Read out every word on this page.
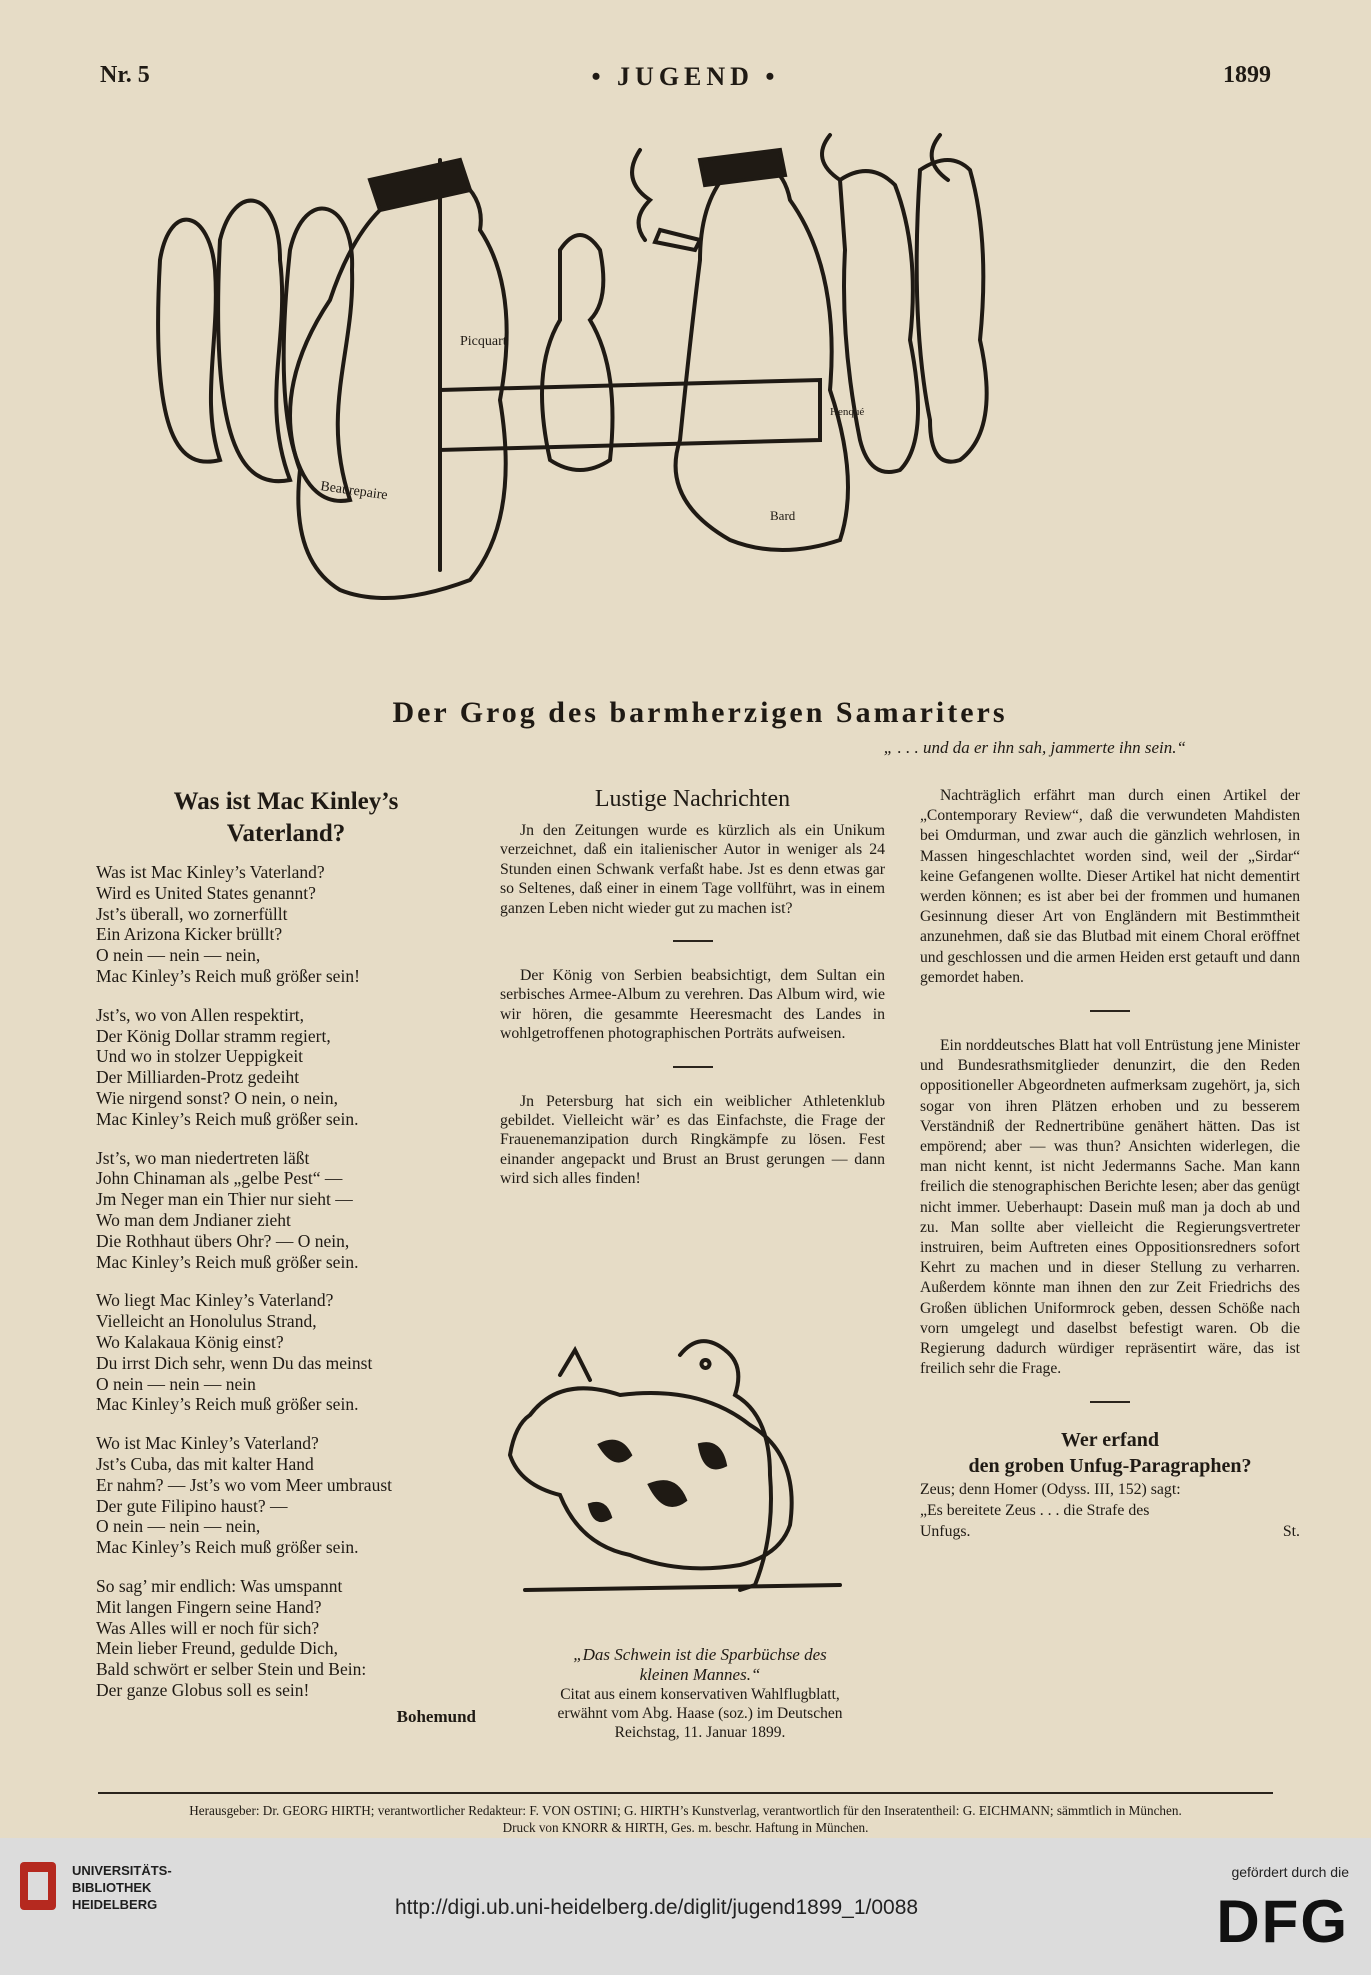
Nr. 5	• JUGEND •	1899
Beaurepaire
Picquart
Henqué
Bard
Der Grog des barmherzigen Samariters
„ . . . und da er ihn sah, jammerte ihn sein.“
Was ist Mac Kinley’s
Vaterland?
Was ist Mac Kinley’s Vaterland?
Wird es United States genannt?
Jst’s überall, wo zornerfüllt
Ein Arizona Kicker brüllt?
O nein — nein — nein,
Mac Kinley’s Reich muß größer sein!
Jst’s, wo von Allen respektirt,
Der König Dollar stramm regiert,
Und wo in stolzer Ueppigkeit
Der Milliarden-Protz gedeiht
Wie nirgend sonst? O nein, o nein,
Mac Kinley’s Reich muß größer sein.
Jst’s, wo man niedertreten läßt
John Chinaman als „gelbe Pest“ —
Jm Neger man ein Thier nur sieht —
Wo man dem Jndianer zieht
Die Rothhaut übers Ohr? — O nein,
Mac Kinley’s Reich muß größer sein.
Wo liegt Mac Kinley’s Vaterland?
Vielleicht an Honolulus Strand,
Wo Kalakaua König einst?
Du irrst Dich sehr, wenn Du das meinst
O nein — nein — nein
Mac Kinley’s Reich muß größer sein.
Wo ist Mac Kinley’s Vaterland?
Jst’s Cuba, das mit kalter Hand
Er nahm? — Jst’s wo vom Meer umbraust
Der gute Filipino haust? —
O nein — nein — nein,
Mac Kinley’s Reich muß größer sein.
So sag’ mir endlich: Was umspannt
Mit langen Fingern seine Hand?
Was Alles will er noch für sich?
Mein lieber Freund, gedulde Dich,
Bald schwört er selber Stein und Bein:
Der ganze Globus soll es sein!
Bohemund
Lustige Nachrichten

Jn den Zeitungen wurde es kürzlich als ein Unikum verzeichnet, daß ein italienischer Autor in weniger als 24 Stunden einen Schwank verfaßt habe. Jst es denn etwas gar so Seltenes, daß einer in einem Tage vollführt, was in einem ganzen Leben nicht wieder gut zu machen ist?

Der König von Serbien beabsichtigt, dem Sultan ein serbisches Armee-Album zu verehren. Das Album wird, wie wir hören, die gesammte Heeresmacht des Landes in wohlgetroffenen photographischen Porträts aufweisen.

Jn Petersburg hat sich ein weiblicher Athletenklub gebildet. Vielleicht wär’ es das Einfachste, die Frage der Frauenemanzipation durch Ringkämpfe zu lösen. Fest einander angepackt und Brust an Brust gerungen — dann wird sich alles finden!

„Das Schwein ist die Sparbüchse des
kleinen Mannes.“
Citat aus einem konservativen Wahlflugblatt,
erwähnt vom Abg. Haase (soz.) im Deutschen
Reichstag, 11. Januar 1899.

Nachträglich erfährt man durch einen Artikel der „Contemporary Review“, daß die verwundeten Mahdisten bei Omdurman, und zwar auch die gänzlich wehrlosen, in Massen hingeschlachtet worden sind, weil der „Sirdar“ keine Gefangenen wollte. Dieser Artikel hat nicht dementirt werden können; es ist aber bei der frommen und humanen Gesinnung dieser Art von Engländern mit Bestimmtheit anzunehmen, daß sie das Blutbad mit einem Choral eröffnet und geschlossen und die armen Heiden erst getauft und dann gemordet haben.

Ein norddeutsches Blatt hat voll Entrüstung jene Minister und Bundesrathsmitglieder denunzirt, die den Reden oppositioneller Abgeordneten aufmerksam zugehört, ja, sich sogar von ihren Plätzen erhoben und zu besserem Verständniß der Rednertribüne genähert hätten. Das ist empörend; aber — was thun? Ansichten widerlegen, die man nicht kennt, ist nicht Jedermanns Sache. Man kann freilich die stenographischen Berichte lesen; aber das genügt nicht immer. Ueberhaupt: Dasein muß man ja doch ab und zu. Man sollte aber vielleicht die Regierungsvertreter instruiren, beim Auftreten eines Oppositionsredners sofort Kehrt zu machen und in dieser Stellung zu verharren. Außerdem könnte man ihnen den zur Zeit Friedrichs des Großen üblichen Uniformrock geben, dessen Schöße nach vorn umgelegt und daselbst befestigt waren. Ob die Regierung dadurch würdiger repräsentirt wäre, das ist freilich sehr die Frage.

Wer erfand
den groben Unfug-Paragraphen?
Zeus; denn Homer (Odyss. III, 152) sagt:
„Es bereitete Zeus . . . die Strafe des
Unfugs.	St.
Herausgeber: Dr. GEORG HIRTH; verantwortlicher Redakteur: F. VON OSTINI; G. HIRTH’s Kunstverlag, verantwortlich für den Inseratentheil: G. EICHMANN; sämmtlich in München.
Druck von KNORR & HIRTH, Ges. m. beschr. Haftung in München.
UNIVERSITÄTS-
BIBLIOTHEK
HEIDELBERG	http://digi.ub.uni-heidelberg.de/diglit/jugend1899_1/0088
gefördert durch die
DFG
